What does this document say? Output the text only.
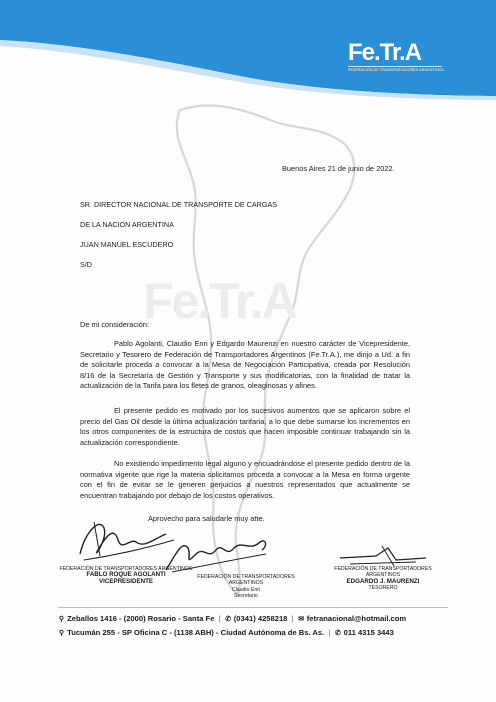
Fe.Tr.A
FEDERACIÓN DE TRANSPORTADORES ARGENTINOS
Fe.Tr.A
Buenos Aires 21 de junio de 2022.
SR. DIRECTOR NACIONAL DE TRANSPORTE DE CARGAS
DE LA NACION ARGENTINA
JUAN MANUEL ESCUDERO
S/D
De mi consideración:
Pablo Agolanti, Claudio Enri y Edgardo Maurenzi en nuestro carácter de Vicepresidente, Secretario y Tesorero de Federación de Transportadores Argentinos (Fe.Tr.A.), me dirijo a Ud. a fin de solicitarle proceda a convocar a la Mesa de Negociación Participativa, creada por Resolución 8/16 de la Secretaría de Gestión y Transporte y sus modificatorias, con la finalidad de tratar la actualización de la Tarifa para los fletes de granos, oleaginosas y afines.
El presente pedido es motivado por los sucesivos aumentos que se aplicaron sobre el precio del Gas Oil desde la última actualización tarifaria, a lo que debe sumarse los incrementos en los otros componentes de la estructura de costos que hacen imposible continuar trabajando sin la actualización correspondiente.
No existiendo impedimento legal alguno y encuadrándose el presente pedido dentro de la normativa vigente que rige la materia solicitamos proceda a convocar a la Mesa en forma urgente con el fin de evitar se le generen perjuicios a nuestros representados que actualmente se encuentran trabajando por debajo de los costos operativos.
Aprovecho para saludarle muy atte.
FEDERACIÓN DE TRANSPORTADORES ARGENTINOS
FABLO ROQUE AGOLANTI
VICEPRESIDENTE
FEDERACIÓN DE TRANSPORTADORES ARGENTINOS
Claudio Enri
Secretario
FEDERACIÓN DE TRANSPORTADORES ARGENTINOS
EDGARDO J. MAURENZI
TESORERO
⚲ Zeballos 1416 - (2000) Rosario - Santa Fe | ✆ (0341) 4258218 | ✉ fetranacional@hotmail.com
⚲ Tucumán 255 - SP Oficina C - (1138 ABH) - Ciudad Autónoma de Bs. As. | ✆ 011 4315 3443
